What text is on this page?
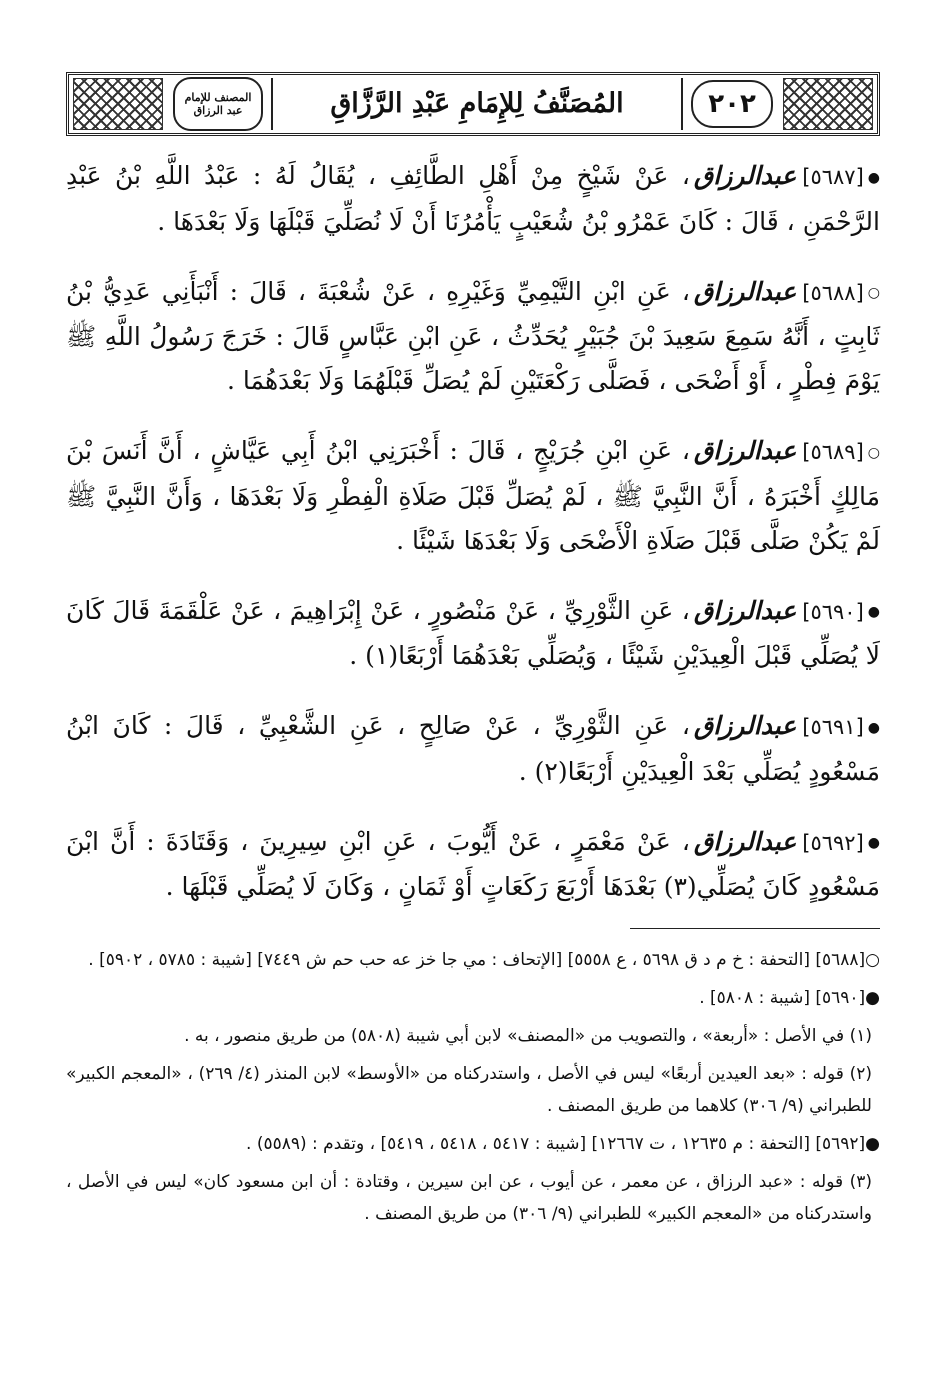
٢٠٢
المُصَنَّفُ لِلإِمَامِ عَبْدِ الرَّزَّاقِ
المصنف للإمام عبد الرزاق

●[٥٦٨٧]عبدالرزاق، عَنْ شَيْخٍ مِنْ أَهْلِ الطَّائِفِ ، يُقَالُ لَهُ : عَبْدُ اللَّهِ بْنُ عَبْدِ الرَّحْمَنِ ، قَالَ : كَانَ عَمْرُو بْنُ شُعَيْبٍ يَأْمُرُنَا أَنْ لَا نُصَلِّيَ قَبْلَهَا وَلَا بَعْدَهَا .

○[٥٦٨٨]عبدالرزاق، عَنِ ابْنِ التَّيْمِيِّ وَغَيْرِهِ ، عَنْ شُعْبَةَ ، قَالَ : أَنْبَأَنِي عَدِيُّ بْنُ ثَابِتٍ ، أَنَّهُ سَمِعَ سَعِيدَ بْنَ جُبَيْرٍ يُحَدِّثُ ، عَنِ ابْنِ عَبَّاسٍ قَالَ : خَرَجَ رَسُولُ اللَّهِ ﷺ يَوْمَ فِطْرٍ ، أَوْ أَضْحَى ، فَصَلَّى رَكْعَتَيْنِ لَمْ يُصَلِّ قَبْلَهُمَا وَلَا بَعْدَهُمَا .

○[٥٦٨٩]عبدالرزاق، عَنِ ابْنِ جُرَيْجٍ ، قَالَ : أَخْبَرَنِي ابْنُ أَبِي عَيَّاشٍ ، أَنَّ أَنَسَ بْنَ مَالِكٍ أَخْبَرَهُ ، أَنَّ النَّبِيَّ ﷺ ، لَمْ يُصَلِّ قَبْلَ صَلَاةِ الْفِطْرِ وَلَا بَعْدَهَا ، وَأَنَّ النَّبِيَّ ﷺ لَمْ يَكُنْ صَلَّى قَبْلَ صَلَاةِ الْأَضْحَى وَلَا بَعْدَهَا شَيْئًا .

●[٥٦٩٠]عبدالرزاق، عَنِ الثَّوْرِيِّ ، عَنْ مَنْصُورٍ ، عَنْ إِبْرَاهِيمَ ، عَنْ عَلْقَمَةَ قَالَ كَانَ لَا يُصَلِّي قَبْلَ الْعِيدَيْنِ شَيْئًا ، وَيُصَلِّي بَعْدَهُمَا أَرْبَعًا(١) .

●[٥٦٩١]عبدالرزاق، عَنِ الثَّوْرِيِّ ، عَنْ صَالِحٍ ، عَنِ الشَّعْبِيِّ ، قَالَ : كَانَ ابْنُ مَسْعُودٍ يُصَلِّي بَعْدَ الْعِيدَيْنِ أَرْبَعًا(٢) .

●[٥٦٩٢]عبدالرزاق، عَنْ مَعْمَرٍ ، عَنْ أَيُّوبَ ، عَنِ ابْنِ سِيرِينَ ، وَقَتَادَةَ : أَنَّ ابْنَ مَسْعُودٍ كَانَ يُصَلِّي(٣) بَعْدَهَا أَرْبَعَ رَكَعَاتٍ أَوْ ثَمَانٍ ، وَكَانَ لَا يُصَلِّي قَبْلَهَا .

○[٥٦٨٨] [التحفة : خ م د ق ٥٦٩٨ ، ع ٥٥٥٨] [الإتحاف : مي جا خز عه حب حم ش ٧٤٤٩] [شيبة : ٥٧٨٥ ، ٥٩٠٢] .

●[٥٦٩٠] [شيبة : ٥٨٠٨] .

(١) في الأصل : «أربعة» ، والتصويب من «المصنف» لابن أبي شيبة (٥٨٠٨) من طريق منصور ، به .

(٢) قوله : «بعد العيدين أربعًا» ليس في الأصل ، واستدركناه من «الأوسط» لابن المنذر (٤/ ٢٦٩) ، «المعجم الكبير» للطبراني (٩/ ٣٠٦) كلاهما من طريق المصنف .

●[٥٦٩٢] [التحفة : م ١٢٦٣٥ ، ت ١٢٦٦٧] [شيبة : ٥٤١٧ ، ٥٤١٨ ، ٥٤١٩] ، وتقدم : (٥٥٨٩) .

(٣) قوله : «عبد الرزاق ، عن معمر ، عن أيوب ، عن ابن سيرين ، وقتادة : أن ابن مسعود كان» ليس في الأصل ، واستدركناه من «المعجم الكبير» للطبراني (٩/ ٣٠٦) من طريق المصنف .
